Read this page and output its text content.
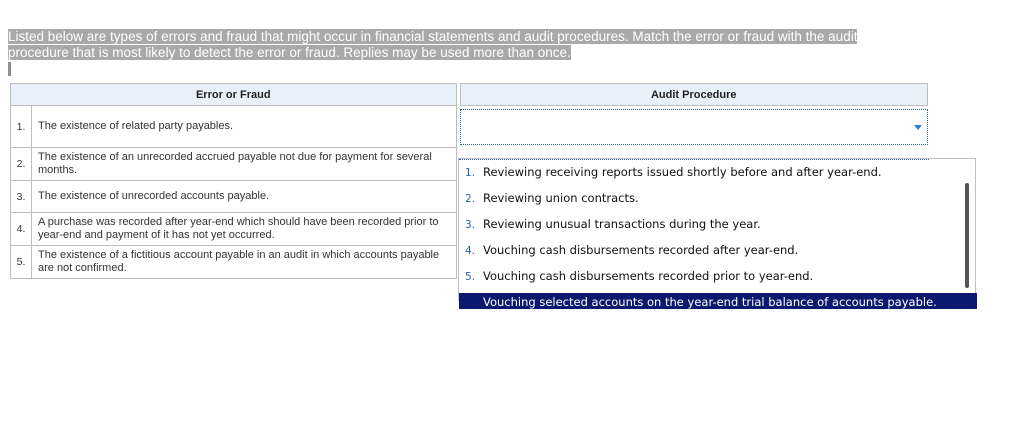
Listed below are types of errors and fraud that might occur in financial statements and audit procedures. Match the error or fraud with the audit procedure that is most likely to detect the error or fraud. Replies may be used more than once.
Error or Fraud			Audit Procedure
1.	The existence of related party payables.		

2.	The existence of an unrecorded accrued payable not due for payment for several months.		
3.	The existence of unrecorded accounts payable.		
4.	A purchase was recorded after year-end which should have been recorded prior to year-end and payment of it has not yet occurred.		
5.	The existence of a fictitious account payable in an audit in which accounts payable are not confirmed.		
1. Reviewing receiving reports issued shortly before and after year-end.
2. Reviewing union contracts.
3. Reviewing unusual transactions during the year.
4. Vouching cash disbursements recorded after year-end.
5. Vouching cash disbursements recorded prior to year-end.
Vouching selected accounts on the year-end trial balance of accounts payable.
